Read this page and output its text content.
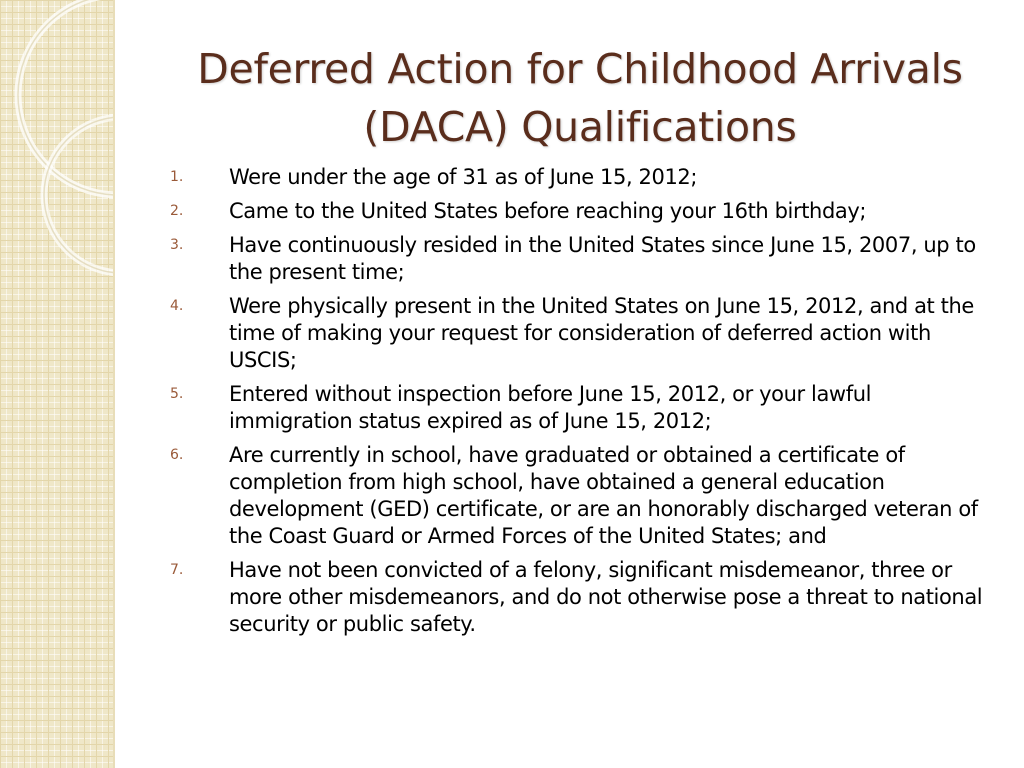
Deferred Action for Childhood Arrivals
(DACA) Qualifications
1.	Were under the age of 31 as of June 15, 2012;
2.	Came to the United States before reaching your 16th birthday;
3.	Have continuously resided in the United States since June 15, 2007, up to the present time;
4.	Were physically present in the United States on June 15, 2012, and at the time of making your request for consideration of deferred action with USCIS;
5.	Entered without inspection before June 15, 2012, or your lawful immigration status expired as of June 15, 2012;
6.	Are currently in school, have graduated or obtained a certificate of completion from high school, have obtained a general education development (GED) certificate, or are an honorably discharged veteran of the Coast Guard or Armed Forces of the United States; and
7.	Have not been convicted of a felony, significant misdemeanor, three or more other misdemeanors, and do not otherwise pose a threat to national security or public safety.
